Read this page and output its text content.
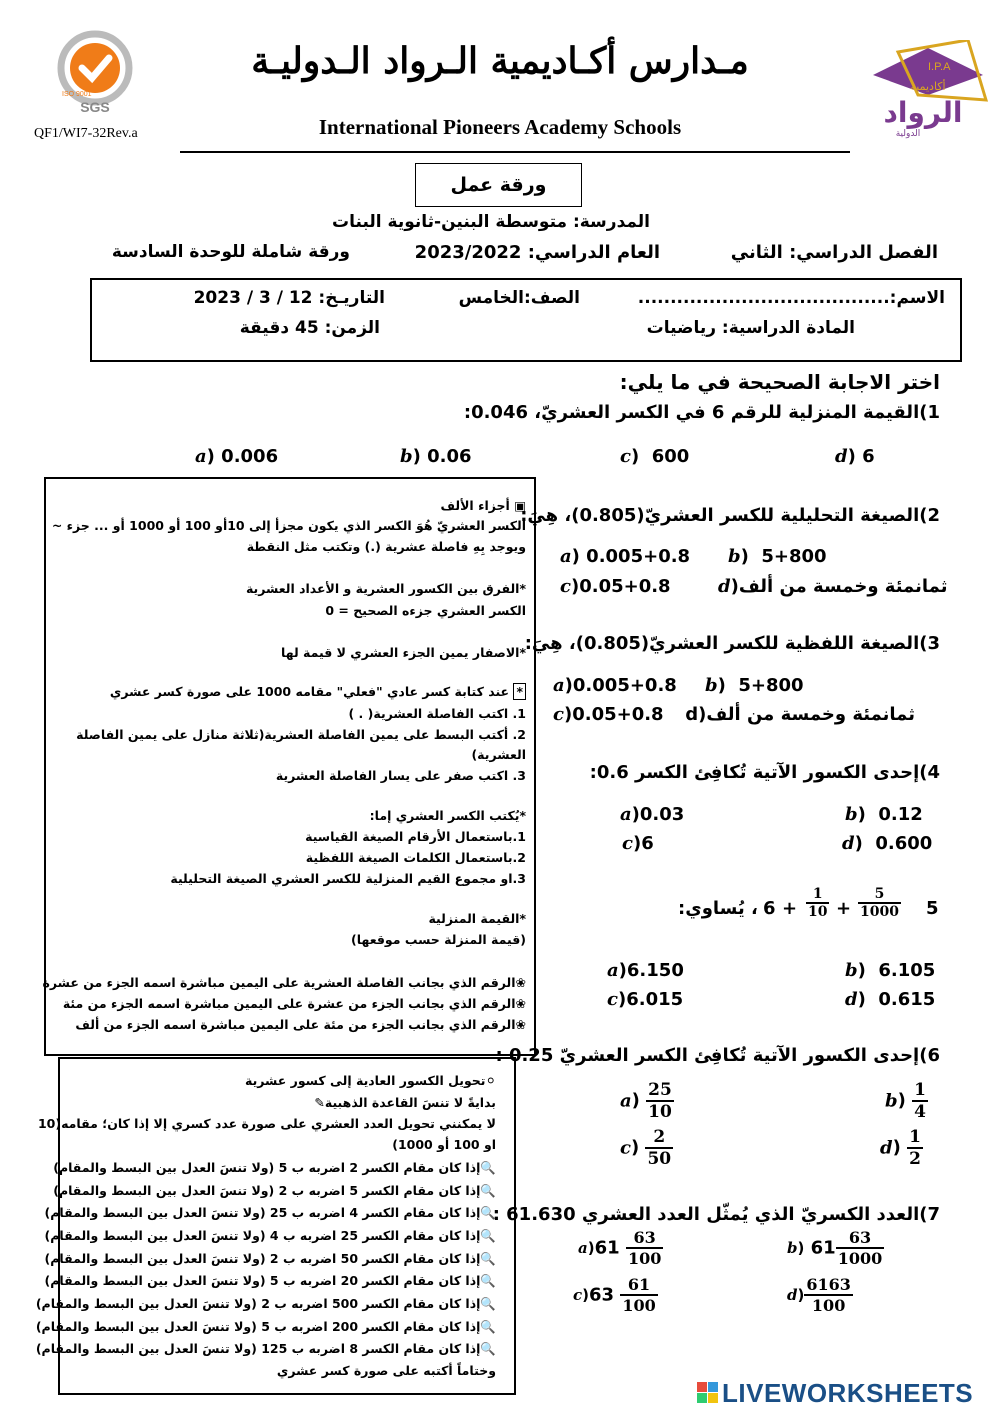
SGS
ISO 9001
QF1/WI7-32Rev.a
مـدارس أكـاديمية الـرواد الـدوليـة
International Pioneers Academy Schools
I.P.A
أكاديمية
الرواد
الدولية
ورقة عمل
المدرسة: متوسطة البنين-ثانوية البنات
الفصل الدراسي: الثاني
العام الدراسي: 2023/2022
ورقة شاملة للوحدة السادسة
الاسم:.......................................
الصف:الخامس
التاريـخ: 12 / 3 / 2023
المادة الدراسية: رياضيات
الزمن: 45 دقيقة
اختر الاجابة الصحيحة في ما يلي:
1)القيمة المنزلية للرقم 6 في الكسر العشريّ، 0.046:
a) 0.006	b) 0.06	c)  600	d) 6
▣ أجزاء الألف
الكسر العشريّ هُوَ الكسر الذي يكون مجزأ إلى 10أو 100 أو 1000 أو ... جزء ~
ويوجد بِهِ فاصلة عشرية (.) وتكتب مثل النقطة
*الفرق بين الكسور العشرية و الأعداد العشرية
الكسر العشري جزءه الصحيح = 0
*الاصفار يمين الجزء العشري لا قيمة لها
* عند كتابة كسر عادي "فعلي" مقامه 1000 على صورة كسر عشري
1. اكتب الفاصلة العشرية( . )
2. أكتب البسط على يمين الفاصلة العشرية(ثلاثة منازل على يمين الفاصلة
العشرية)
3. اكتب صفر على يسار الفاصلة العشرية
*يُكتب الكسر العشري إما:
1.باستعمال الأرقام الصيغة القياسية
2.باستعمال الكلمات الصيغة اللفظية
3.او مجموع القيم المنزلية للكسر العشري الصيغة التحليلية
*القيمة المنزلية
(قيمة المنزلة حسب موقعها)
❀الرقم الذي بجانب الفاصلة العشرية على اليمين مباشرة اسمه الجزء من عشرة
❀الرقم الذي بجانب الجزء من عشرة على اليمين مباشرة اسمه الجزء من مئة
❀الرقم الذي بجانب الجزء من مئة على اليمين مباشرة اسمه الجزء من ألف
2)الصيغة التحليلية للكسر العشريّ(0.805)، هِيَ:
a) 0.005+0.8 b)  5+800
c)0.05+0.8	dثمانمئة وخمسة من ألف(
3)الصيغة اللفظية للكسر العشريّ(0.805)، هِيَ:
a)0.005+0.8 b)  5+800
c)0.05+0.8 ثمانمئة وخمسة من ألف(d
4)إحدى الكسور الآتية تُكافِئ الكسر 0.6:
a)0.03	b)  0.12
c)6	d)  0.600
، يُساوي: $6 + \frac{1}{10} + \frac{5}{1000} 5$
a)6.150	b)  6.105
c)6.015	d)  0.615
⚪تحويل الكسور العادية إلى كسور عشرية
بدايةً لا تنسَ القاعدة الذهبية✎
لا يمكنني تحويل العدد العشري على صورة عدد كسري إلا إذا كان؛ مقامه(10
او 100 أو 1000)
🔍إذا كان مقام الكسر 2 اضربه ب 5 (ولا تنسَ العدل بين البسط والمقام)
🔍إذا كان مقام الكسر 5 اضربه ب 2 (ولا تنسَ العدل بين البسط والمقام)
🔍إذا كان مقام الكسر 4 اضربه ب 25 (ولا تنسَ العدل بين البسط والمقام)
🔍إذا كان مقام الكسر 25 اضربه ب 4 (ولا تنسَ العدل بين البسط والمقام)
🔍إذا كان مقام الكسر 50 اضربه ب 2 (ولا تنسَ العدل بين البسط والمقام)
🔍إذا كان مقام الكسر 20 اضربه ب 5 (ولا تنسَ العدل بين البسط والمقام)
🔍إذا كان مقام الكسر 500 اضربه ب 2 (ولا تنسَ العدل بين البسط والمقام)
🔍إذا كان مقام الكسر 200 اضربه ب 5 (ولا تنسَ العدل بين البسط والمقام)
🔍إذا كان مقام الكسر 8 اضربه ب 125 (ولا تنسَ العدل بين البسط والمقام)
وختاماً أكتبه على صورة كسر عشري
6)إحدى الكسور الآتية تُكافِئ الكسر العشريّ 0.25 :
$a) \frac{25}{10}$	$b) \frac{1}{4}$
$c) \frac{2}{50}$	$d) \frac{1}{2}$
7)العدد الكسريّ الذي يُمثّل العدد العشري 61.630 :
$a)61 \frac{63}{100}$	b) $61 \frac{63}{1000}$
$c)63 \frac{61}{100}$	$d) \frac{6163}{100}$
LIVEWORKSHEETS
